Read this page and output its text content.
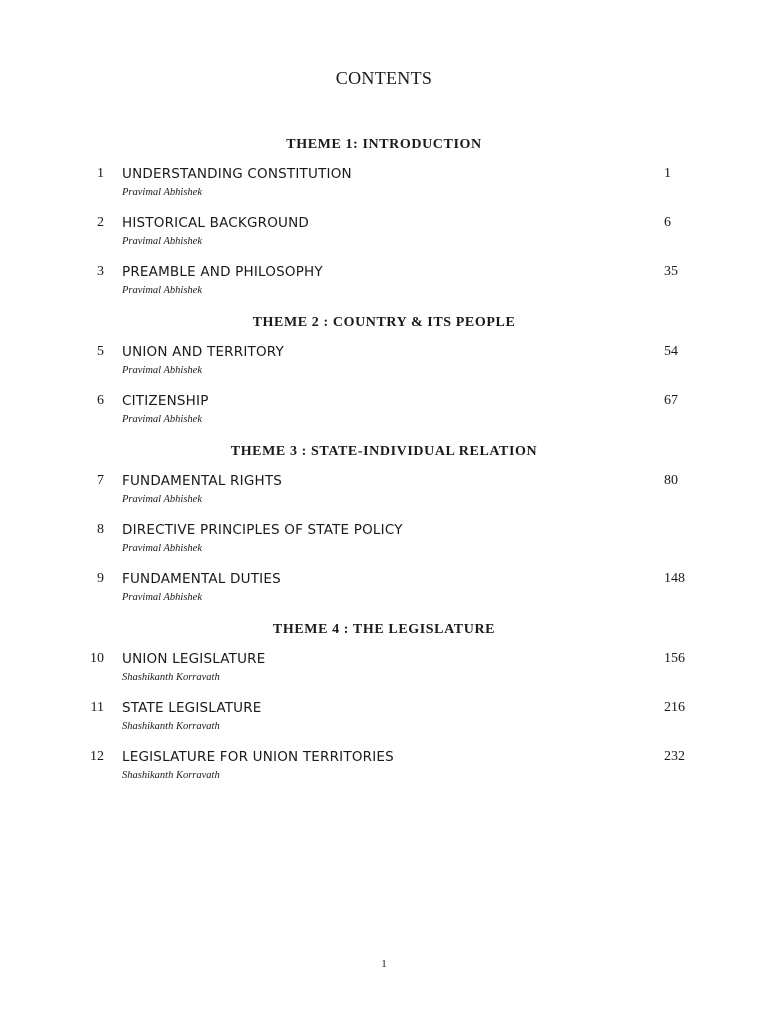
CONTENTS
THEME 1: INTRODUCTION
1 UNDERSTANDING CONSTITUTION
Pravimal Abhishek
1
2 HISTORICAL BACKGROUND
Pravimal Abhishek
6
3 PREAMBLE AND PHILOSOPHY
Pravimal Abhishek
35
THEME 2 : COUNTRY & ITS PEOPLE
5 UNION AND TERRITORY
Pravimal Abhishek
54
6 CITIZENSHIP
Pravimal Abhishek
67
THEME 3 : STATE-INDIVIDUAL RELATION
7 FUNDAMENTAL RIGHTS
Pravimal Abhishek
80
8 DIRECTIVE PRINCIPLES OF STATE POLICY
Pravimal Abhishek
9 FUNDAMENTAL DUTIES
Pravimal Abhishek
148
THEME 4 : THE LEGISLATURE
10 UNION LEGISLATURE
Shashikanth Korravath
156
11 STATE LEGISLATURE
Shashikanth Korravath
216
12 LEGISLATURE FOR UNION TERRITORIES
Shashikanth Korravath
232
1
